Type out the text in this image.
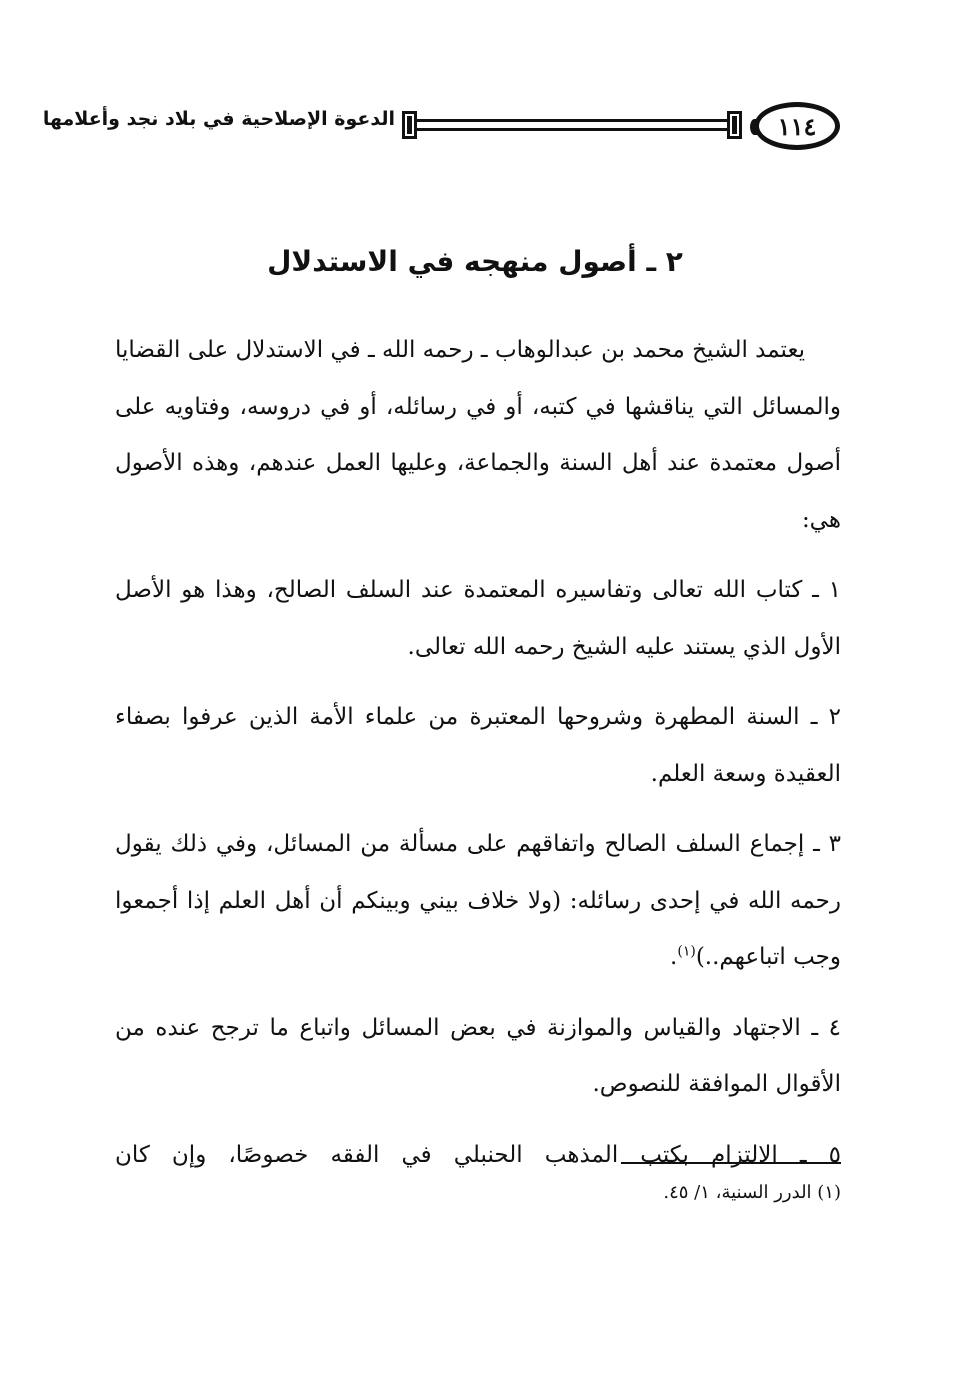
١١٤
الدعوة الإصلاحية في بلاد نجد وأعلامها
٢ ـ أصول منهجه في الاستدلال

يعتمد الشيخ محمد بن عبدالوهاب ـ رحمه الله ـ في الاستدلال على القضايا والمسائل التي يناقشها في كتبه، أو في رسائله، أو في دروسه، وفتاويه على أصول معتمدة عند أهل السنة والجماعة، وعليها العمل عندهم، وهذه الأصول هي:

١ ـ كتاب الله تعالى وتفاسيره المعتمدة عند السلف الصالح، وهذا هو الأصل الأول الذي يستند عليه الشيخ رحمه الله تعالى.

٢ ـ السنة المطهرة وشروحها المعتبرة من علماء الأمة الذين عرفوا بصفاء العقيدة وسعة العلم.

٣ ـ إجماع السلف الصالح واتفاقهم على مسألة من المسائل، وفي ذلك يقول رحمه الله في إحدى رسائله: (ولا خلاف بيني وبينكم أن أهل العلم إذا أجمعوا وجب اتباعهم..)$^{(١)}$.

٤ ـ الاجتهاد والقياس والموازنة في بعض المسائل واتباع ما ترجح عنده من الأقوال الموافقة للنصوص.

٥ ـ الالتزام بكتب المذهب الحنبلي في الفقه خصوصًا، وإن كان

(١) الدرر السنية، ١/ ٤٥.
